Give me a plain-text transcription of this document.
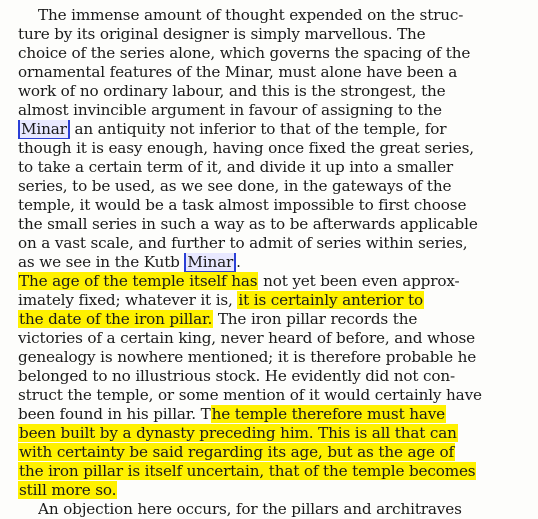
The immense amount of thought expended on the struc-
ture by its original designer is simply marvellous. The
choice of the series alone, which governs the spacing of the
ornamental features of the Minar, must alone have been a
work of no ordinary labour, and this is the strongest, the
almost invincible argument in favour of assigning to the
Minar an antiquity not inferior to that of the temple, for
though it is easy enough, having once fixed the great series,
to take a certain term of it, and divide it up into a smaller
series, to be used, as we see done, in the gateways of the
temple, it would be a task almost impossible to first choose
the small series in such a way as to be afterwards applicable
on a vast scale, and further to admit of series within series,
as we see in the Kutb Minar .
The age of the temple itself has not yet been even approx-
imately fixed; whatever it is, it is certainly anterior to
the date of the iron pillar. The iron pillar records the
victories of a certain king, never heard of before, and whose
genealogy is nowhere mentioned; it is therefore probable he
belonged to no illustrious stock. He evidently did not con-
struct the temple, or some mention of it would certainly have
been found in his pillar. The temple therefore must have
been built by a dynasty preceding him. This is all that can
with certainty be said regarding its age, but as the age of
the iron pillar is itself uncertain, that of the temple becomes
still more so.
An objection here occurs, for the pillars and architraves
